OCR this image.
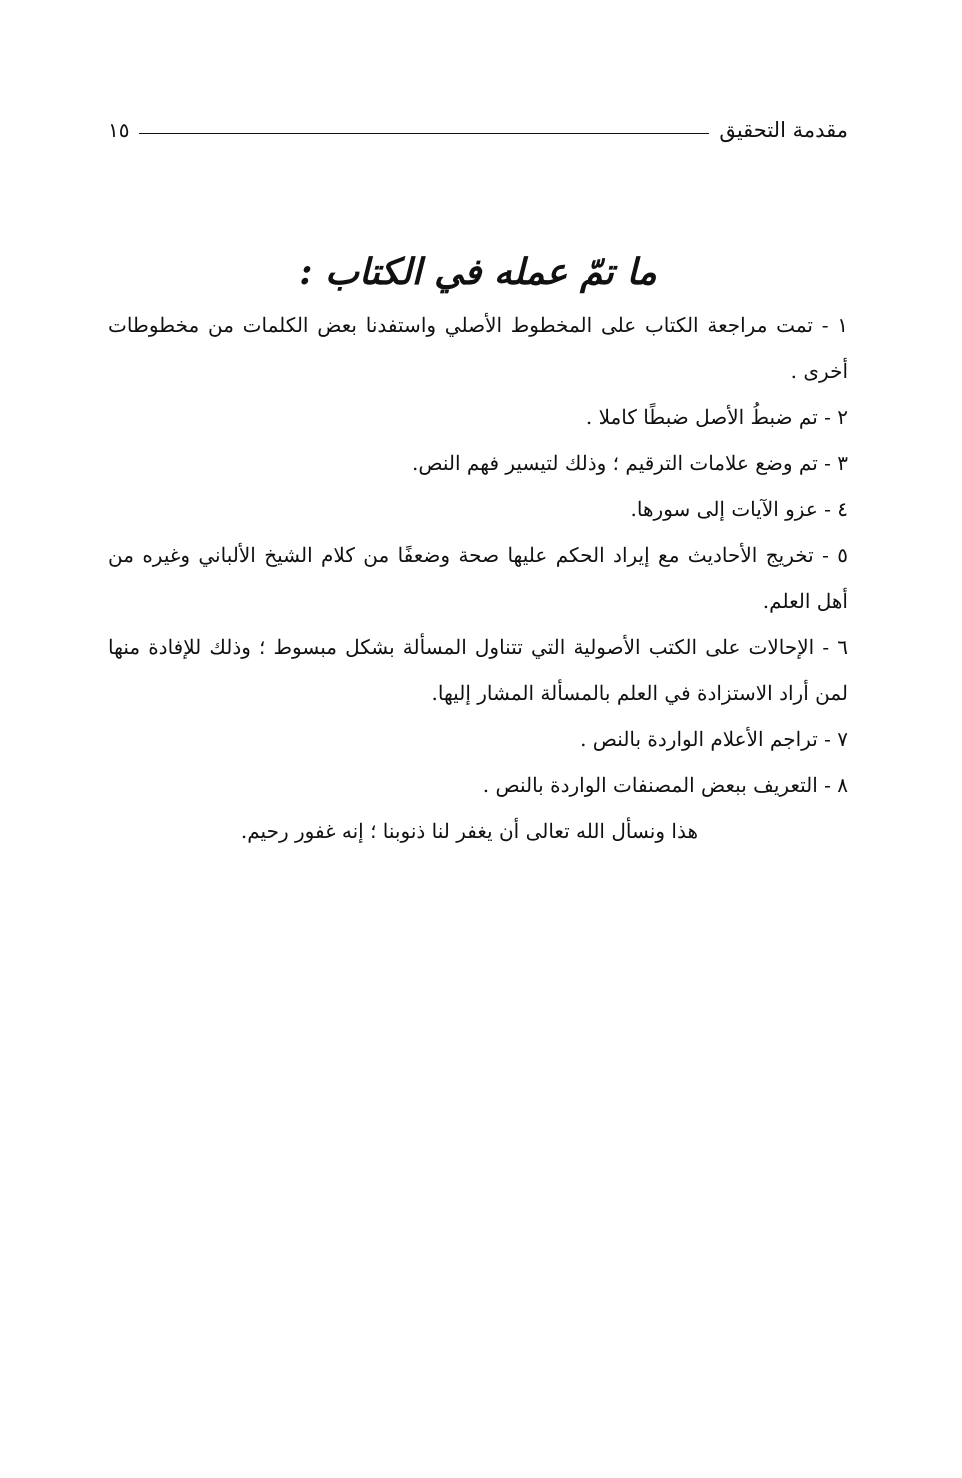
مقدمة التحقيق
١٥
ما تمّ عمله في الكتاب :

١ - تمت مراجعة الكتاب على المخطوط الأصلي واستفدنا بعض الكلمات من مخطوطات أخرى .

٢ - تم ضبطُ الأصل ضبطًا كاملا .

٣ - تم وضع علامات الترقيم ؛ وذلك لتيسير فهم النص.

٤ - عزو الآيات إلى سورها.

٥ - تخريج الأحاديث مع إيراد الحكم عليها صحة وضعفًا من كلام الشيخ الألباني وغيره من أهل العلم.

٦ - الإحالات على الكتب الأصولية التي تتناول المسألة بشكل مبسوط ؛ وذلك للإفادة منها لمن أراد الاستزادة في العلم بالمسألة المشار إليها.

٧ - تراجم الأعلام الواردة بالنص .

٨ - التعريف ببعض المصنفات الواردة بالنص .

هذا ونسأل الله تعالى أن يغفر لنا ذنوبنا ؛ إنه غفور رحيم.
